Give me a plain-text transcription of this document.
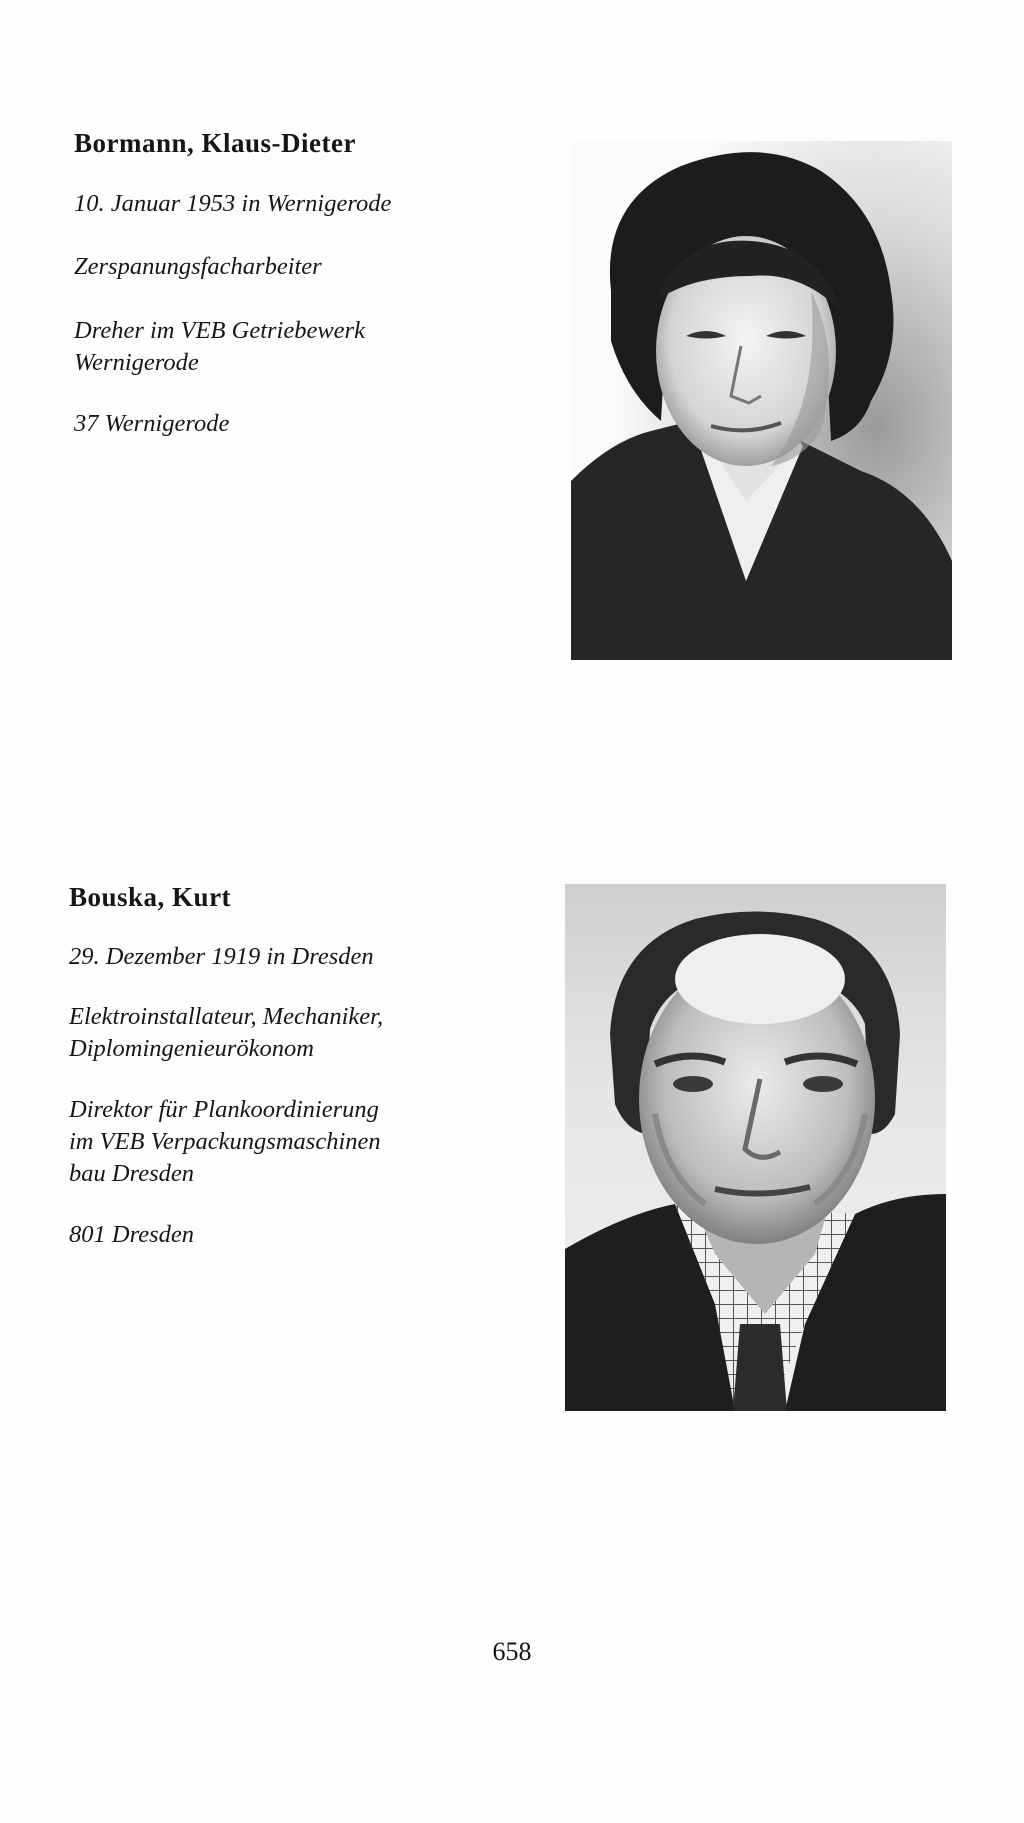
Bormann, Klaus-Dieter

10. Januar 1953 in Wernigerode

Zerspanungsfacharbeiter

Dreher im VEB Getriebewerk

Wernigerode

37 Wernigerode

Bouska, Kurt

29. Dezember 1919 in Dresden

Elektroinstallateur, Mechaniker,

Diplomingenieurökonom

Direktor für Plankoordinierung

im VEB Verpackungsmaschinen

bau Dresden

801 Dresden

658
